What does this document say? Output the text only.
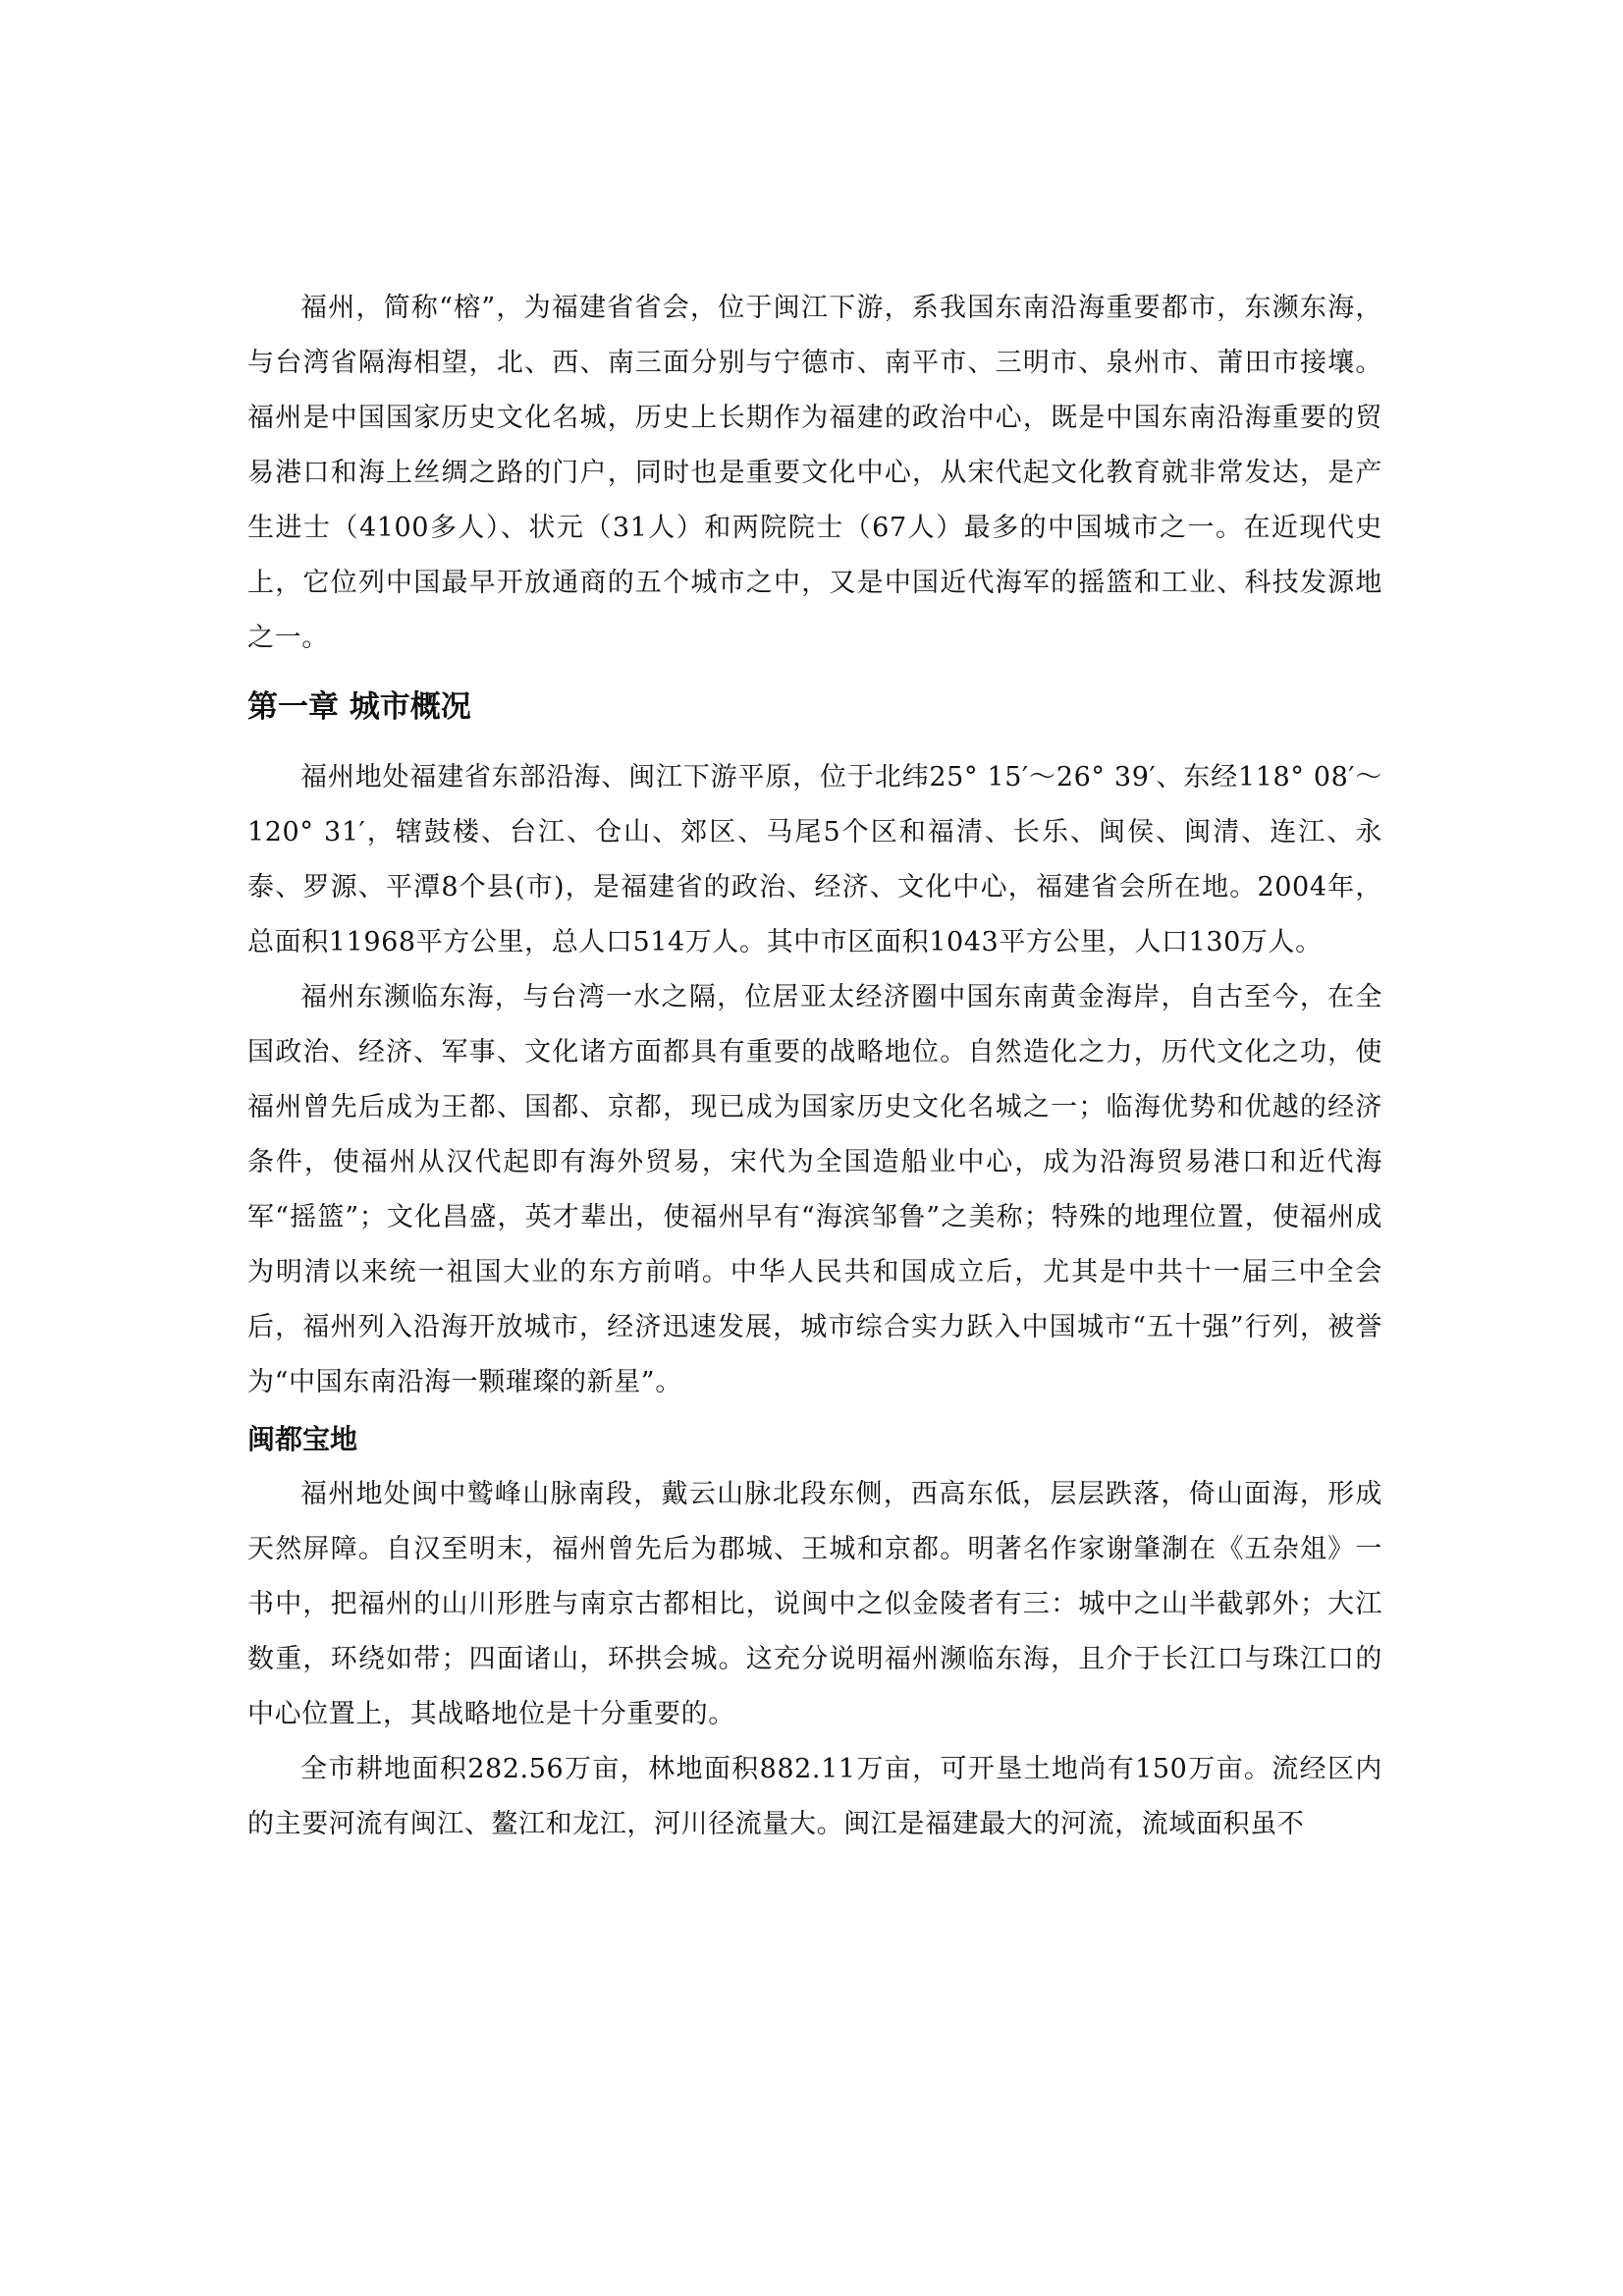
福州，简称“榕”，为福建省省会，位于闽江下游，系我国东南沿海重要都市，东濒东海，与台湾省隔海相望，北、西、南三面分别与宁德市、南平市、三明市、泉州市、莆田市接壤。福州是中国国家历史文化名城，历史上长期作为福建的政治中心，既是中国东南沿海重要的贸易港口和海上丝绸之路的门户，同时也是重要文化中心，从宋代起文化教育就非常发达，是产生进士（4100多人）、状元（31人）和两院院士（67人）最多的中国城市之一。在近现代史上，它位列中国最早开放通商的五个城市之中，又是中国近代海军的摇篮和工业、科技发源地之一。

第一章 城市概况

福州地处福建省东部沿海、闽江下游平原，位于北纬25° 15′～26° 39′、东经118° 08′～120° 31′，辖鼓楼、台江、仓山、郊区、马尾5个区和福清、长乐、闽侯、闽清、连江、永泰、罗源、平潭8个县(市)，是福建省的政治、经济、文化中心，福建省会所在地。2004年，总面积11968平方公里，总人口514万人。其中市区面积1043平方公里，人口130万人。

福州东濒临东海，与台湾一水之隔，位居亚太经济圈中国东南黄金海岸，自古至今，在全国政治、经济、军事、文化诸方面都具有重要的战略地位。自然造化之力，历代文化之功，使福州曾先后成为王都、国都、京都，现已成为国家历史文化名城之一；临海优势和优越的经济条件，使福州从汉代起即有海外贸易，宋代为全国造船业中心，成为沿海贸易港口和近代海军“摇篮”；文化昌盛，英才辈出，使福州早有“海滨邹鲁”之美称；特殊的地理位置，使福州成为明清以来统一祖国大业的东方前哨。中华人民共和国成立后，尤其是中共十一届三中全会后，福州列入沿海开放城市，经济迅速发展，城市综合实力跃入中国城市“五十强”行列，被誉为“中国东南沿海一颗璀璨的新星”。

闽都宝地

福州地处闽中鹫峰山脉南段，戴云山脉北段东侧，西高东低，层层跌落，倚山面海，形成天然屏障。自汉至明末，福州曾先后为郡城、王城和京都。明著名作家谢肇淛在《五杂俎》一书中，把福州的山川形胜与南京古都相比，说闽中之似金陵者有三：城中之山半截郭外；大江数重，环绕如带；四面诸山，环拱会城。这充分说明福州濒临东海，且介于长江口与珠江口的中心位置上，其战略地位是十分重要的。

全市耕地面积282.56万亩，林地面积882.11万亩，可开垦土地尚有150万亩。流经区内的主要河流有闽江、鳌江和龙江，河川径流量大。闽江是福建最大的河流，流域面积虽不
